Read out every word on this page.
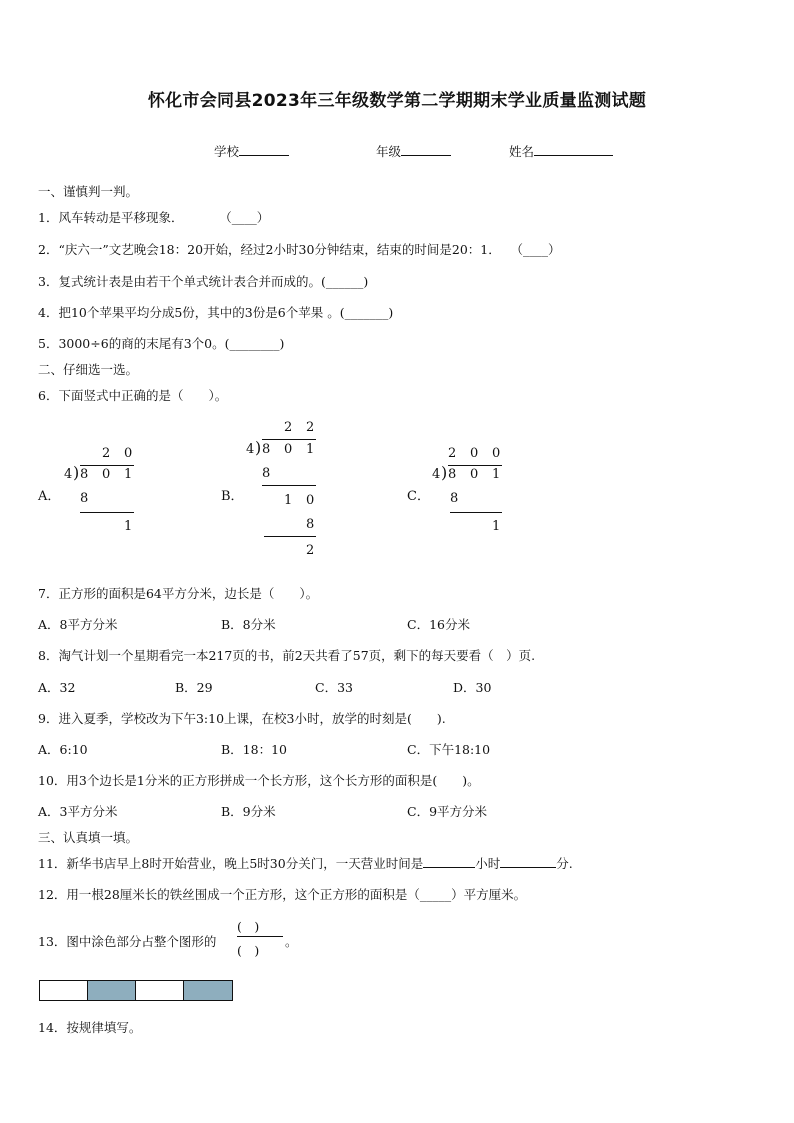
怀化市会同县2023年三年级数学第二学期期末学业质量监测试题
学校	年级	姓名
一、谨慎判一判。
1．风车转动是平移现象．	（____）
2．“庆六一”文艺晚会18：20开始，经过2小时30分钟结束，结束的时间是20：1． （____）
3．复式统计表是由若干个单式统计表合并而成的。(______)
4．把10个苹果平均分成5份，其中的3份是6个苹果 。(_______)
5．3000÷6的商的末尾有3个0。(________)
二、仔细选一选。
6．下面竖式中正确的是（　　）。
A．
2 0
4 ) 8 0 1
8
1
B．
2 2
4 ) 8 0 1
8
1 0
8
2
C．
2 0 0
4 ) 8 0 1
8
1
7．正方形的面积是64平方分米，边长是（　　）。
A．8平方分米	B．8分米	C．16分米
8．淘气计划一个星期看完一本217页的书，前2天共看了57页，剩下的每天要看（　）页.
A．32	B．29	C．33	D．30
9．进入夏季，学校改为下午3:10上课，在校3小时，放学的时刻是(　　).
A．6:10	B．18：10	C．下午18:10
10．用3个边长是1分米的正方形拼成一个长方形，这个长方形的面积是(　　)。
A．3平方分米	B．9分米	C．9平方分米
三、认真填一填。
11．新华书店早上8时开始营业，晚上5时30分关门，一天营业时间是	小时	分.
12．用一根28厘米长的铁丝围成一个正方形，这个正方形的面积是（_____）平方厘米。
13．图中涂色部分占整个图形的
(　)
(　)
。
14．按规律填写。
